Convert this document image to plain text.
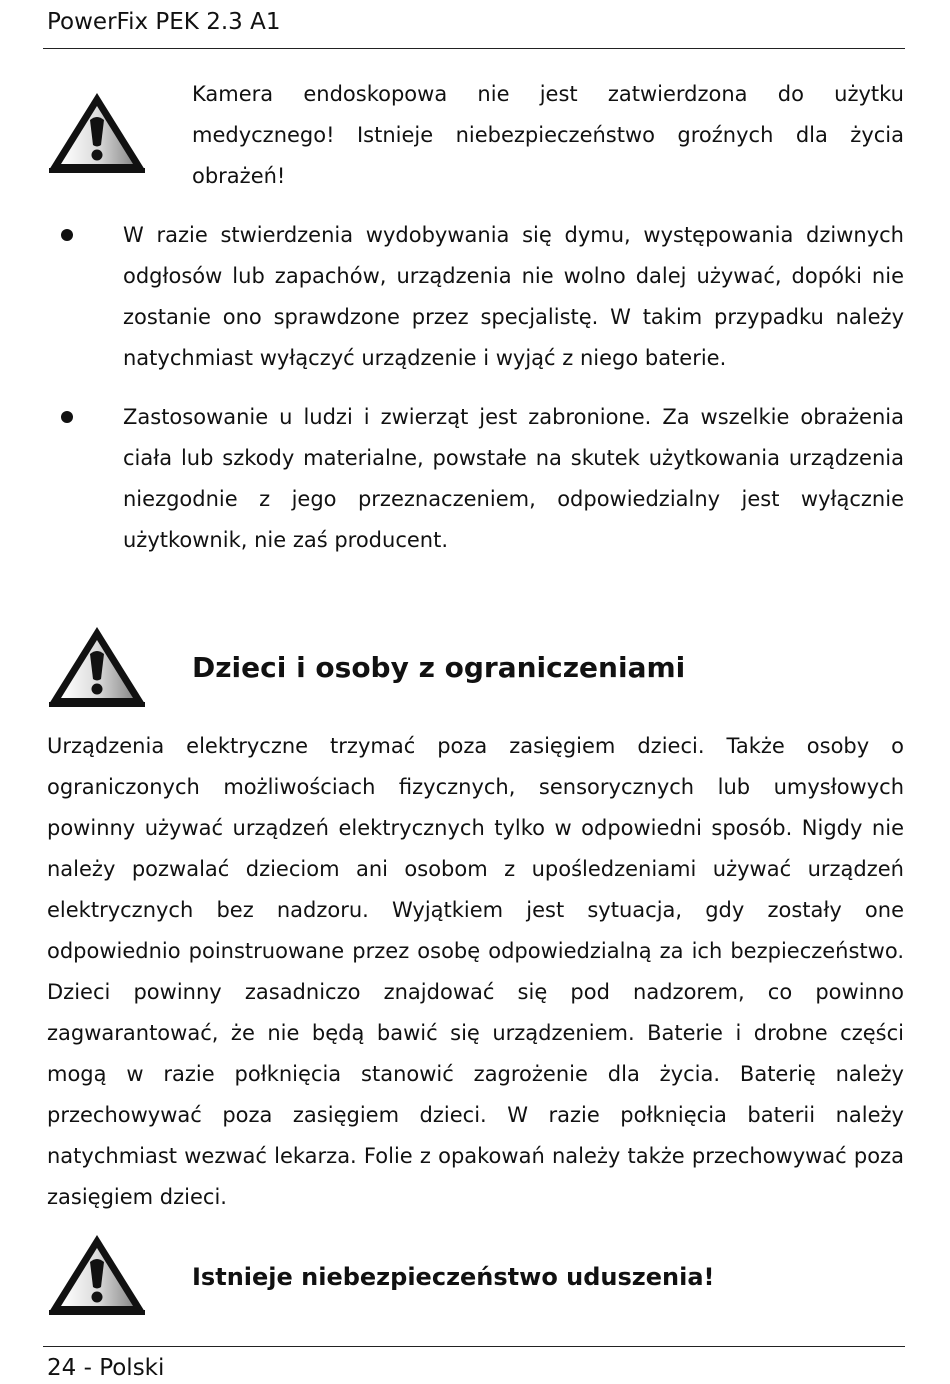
PowerFix PEK 2.3 A1

Kamera endoskopowa nie jest zatwierdzona do użytku medycznego! Istnieje niebezpieczeństwo groźnych dla życia obrażeń!

W razie stwierdzenia wydobywania się dymu, występowania dziwnych odgłosów lub zapachów, urządzenia nie wolno dalej używać, dopóki nie zostanie ono sprawdzone przez specjalistę. W takim przypadku należy natychmiast wyłączyć urządzenie i wyjąć z niego baterie.

Zastosowanie u ludzi i zwierząt jest zabronione. Za wszelkie obrażenia ciała lub szkody materialne, powstałe na skutek użytkowania urządzenia niezgodnie z jego przeznaczeniem, odpowiedzialny jest wyłącznie użytkownik, nie zaś producent.

Dzieci i osoby z ograniczeniami

Urządzenia elektryczne trzymać poza zasięgiem dzieci. Także osoby o ograniczonych możliwościach fizycznych, sensorycznych lub umysłowych powinny używać urządzeń elektrycznych tylko w odpowiedni sposób. Nigdy nie należy pozwalać dzieciom ani osobom z upośledzeniami używać urządzeń elektrycznych bez nadzoru. Wyjątkiem jest sytuacja, gdy zostały one odpowiednio poinstruowane przez osobę odpowiedzialną za ich bezpieczeństwo. Dzieci powinny zasadniczo znajdować się pod nadzorem, co powinno zagwarantować, że nie będą bawić się urządzeniem. Baterie i drobne części mogą w razie połknięcia stanowić zagrożenie dla życia. Baterię należy przechowywać poza zasięgiem dzieci. W razie połknięcia baterii należy natychmiast wezwać lekarza. Folie z opakowań należy także przechowywać poza zasięgiem dzieci.

Istnieje niebezpieczeństwo uduszenia!
24 - Polski
